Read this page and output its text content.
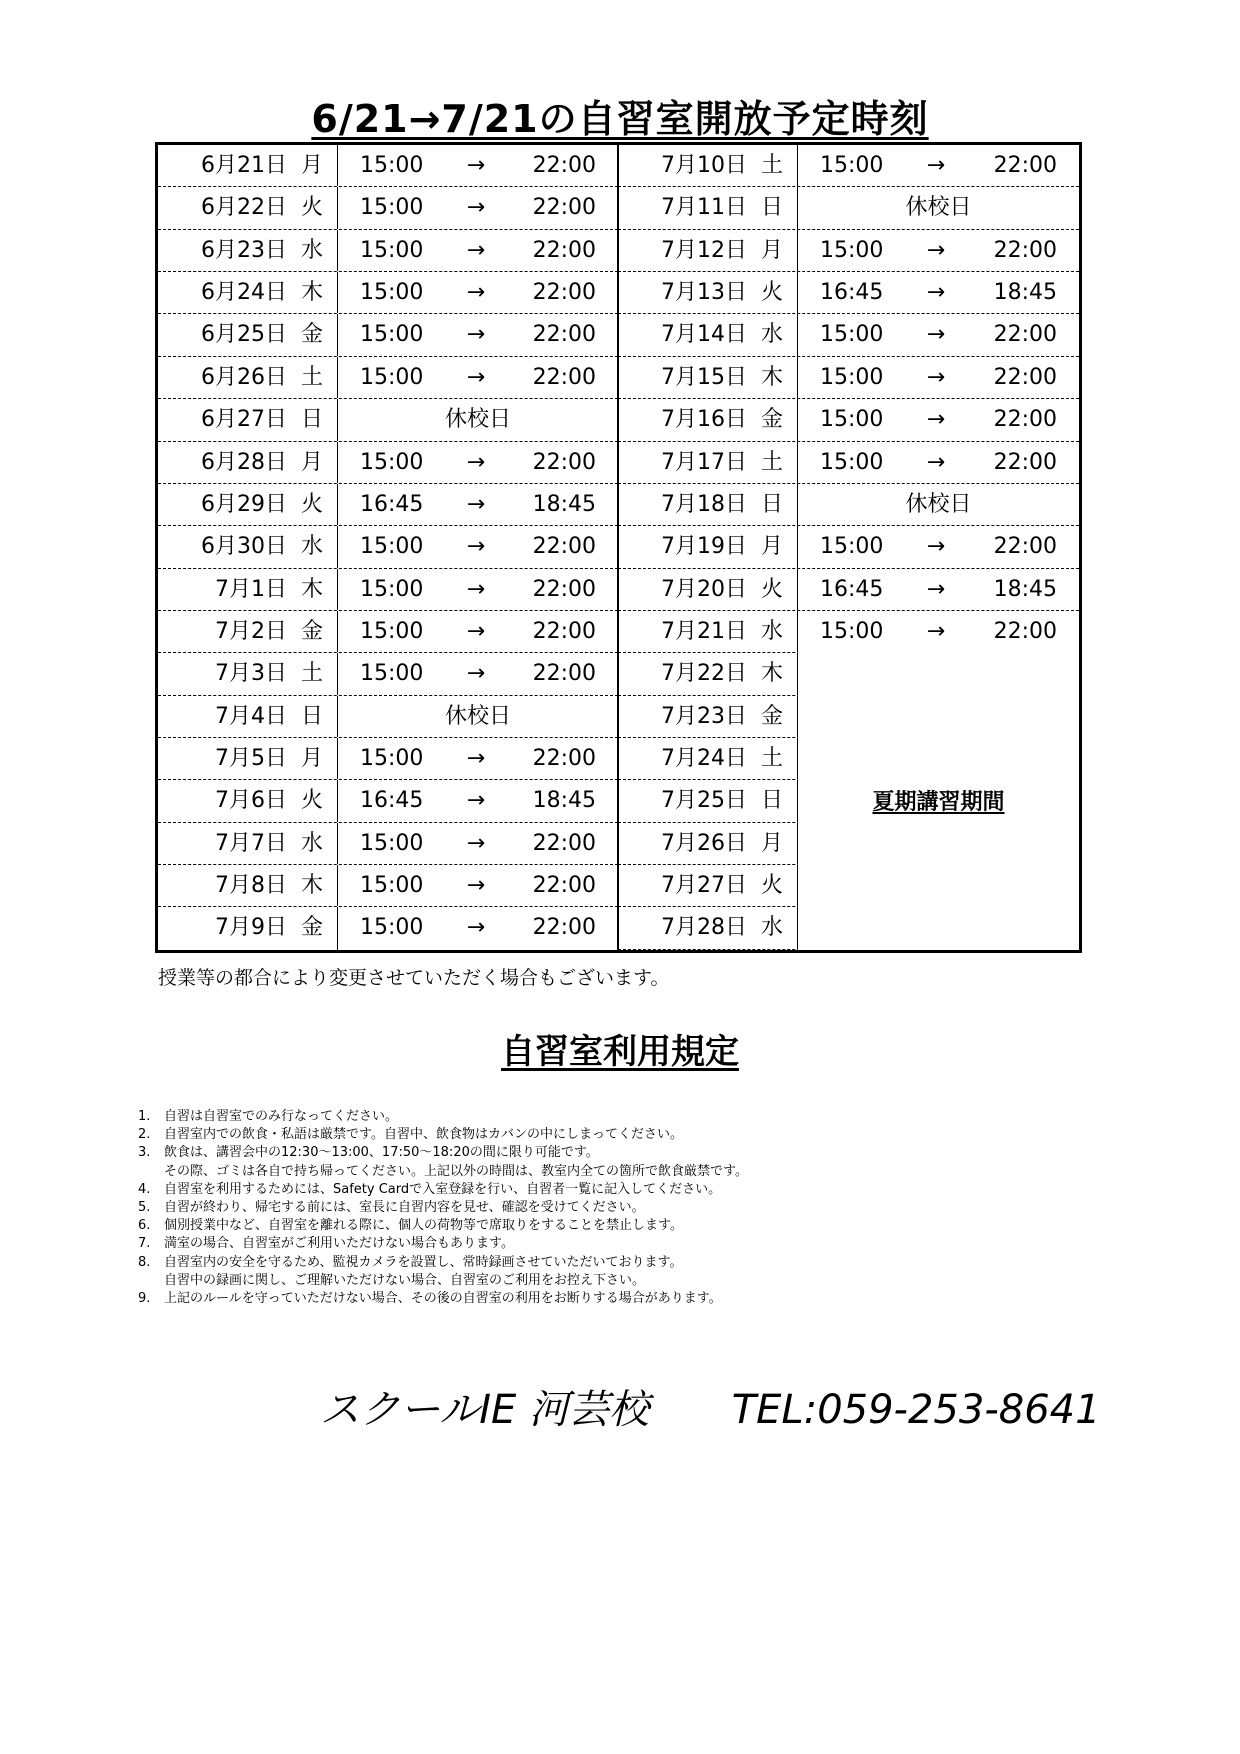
6/21→7/21の自習室開放予定時刻
6月21日 月 15:00	→	22:00
6月22日 火 15:00	→	22:00
6月23日 水 15:00	→	22:00
6月24日 木 15:00	→	22:00
6月25日 金 15:00	→	22:00
6月26日 土 15:00	→	22:00
6月27日 日	休校日
6月28日 月 15:00	→	22:00
6月29日 火 16:45	→	18:45
6月30日 水 15:00	→	22:00
7月1日 木 15:00	→	22:00
7月2日 金 15:00	→	22:00
7月3日 土 15:00	→	22:00
7月4日 日	休校日
7月5日 月 15:00	→	22:00
7月6日 火 16:45	→	18:45
7月7日 水 15:00	→	22:00
7月8日 木 15:00	→	22:00
7月9日 金 15:00	→	22:00
7月10日 土 15:00	→	22:00
7月11日 日	休校日
7月12日 月 15:00	→	22:00
7月13日 火 16:45	→	18:45
7月14日 水 15:00	→	22:00
7月15日 木 15:00	→	22:00
7月16日 金 15:00	→	22:00
7月17日 土 15:00	→	22:00
7月18日 日	休校日
7月19日 月 15:00	→	22:00
7月20日 火 16:45	→	18:45
7月21日 水 15:00	→	22:00
7月22日 木
7月23日 金
7月24日 土
7月25日 日
7月26日 月
7月27日 火
7月28日 水
夏期講習期間
授業等の都合により変更させていただく場合もございます。
自習室利用規定
1.	自習は自習室でのみ行なってください。
2.	自習室内での飲食・私語は厳禁です。自習中、飲食物はカバンの中にしまってください。
3.	飲食は、講習会中の12:30～13:00、17:50～18:20の間に限り可能です。
その際、ゴミは各自で持ち帰ってください。上記以外の時間は、教室内全ての箇所で飲食厳禁です。
4.	自習室を利用するためには、Safety Cardで入室登録を行い、自習者一覧に記入してください。
5.	自習が終わり、帰宅する前には、室長に自習内容を見せ、確認を受けてください。
6.	個別授業中など、自習室を離れる際に、個人の荷物等で席取りをすることを禁止します。
7.	満室の場合、自習室がご利用いただけない場合もあります。
8.	自習室内の安全を守るため、監視カメラを設置し、常時録画させていただいております。
自習中の録画に関し、ご理解いただけない場合、自習室のご利用をお控え下さい。
9.	上記のルールを守っていただけない場合、その後の自習室の利用をお断りする場合があります。
スクールIE 河芸校 TEL:059-253-8641
